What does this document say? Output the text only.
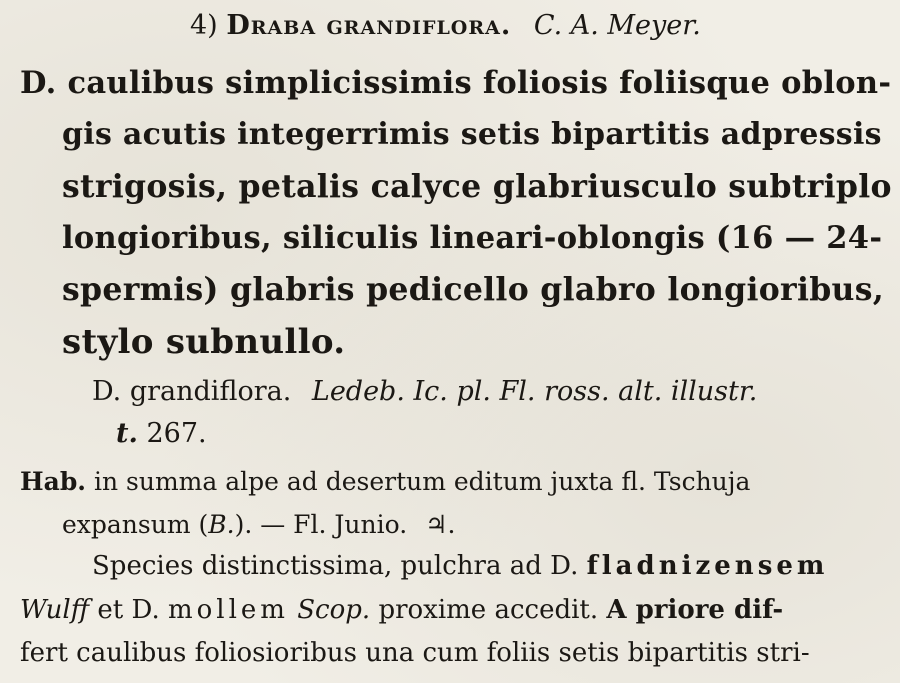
4) Draba grandiflora. C. A. Meyer.
D. caulibus simplicissimis foliosis foliisque oblon-
gis acutis integerrimis setis bipartitis adpressis
strigosis, petalis calyce glabriusculo subtriplo
longioribus, siliculis lineari-oblongis (16 — 24-
spermis) glabris pedicello glabro longioribus,
stylo subnullo.
D. grandiflora. Ledeb. Ic. pl. Fl. ross. alt. illustr.
t. 267.
Hab. in summa alpe ad desertum editum juxta fl. Tschuja
expansum (B.). — Fl. Junio. ♃.
Species distinctissima, pulchra ad D. fladnizensem
Wulff et D. mollem Scop. proxime accedit. A priore dif-
fert caulibus foliosioribus una cum foliis setis bipartitis stri-
